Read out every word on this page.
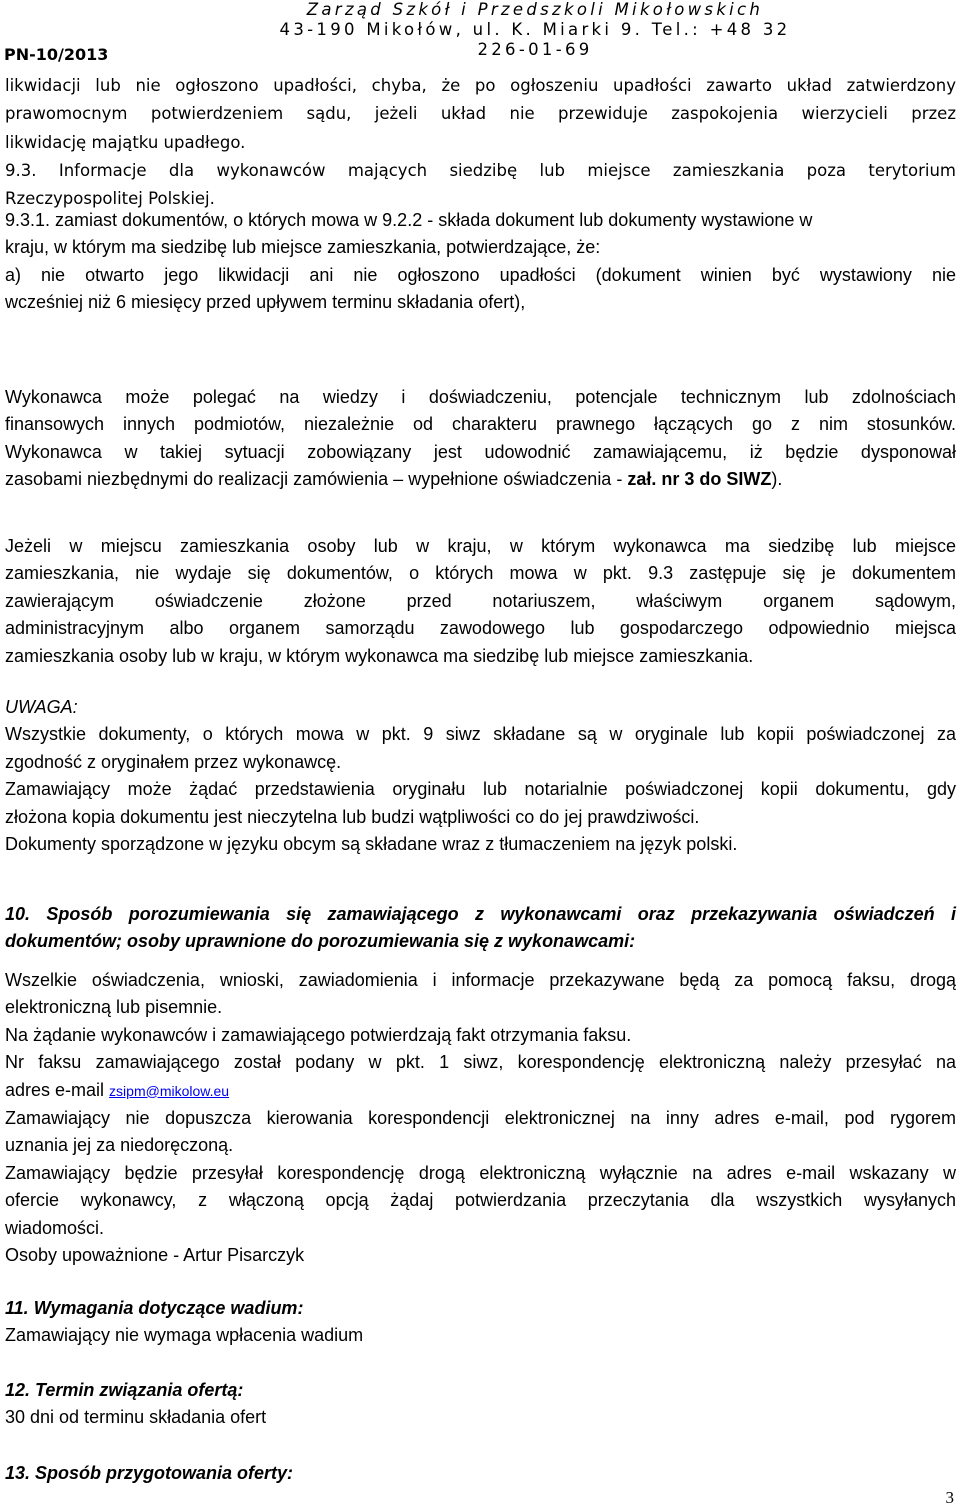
Zarząd Szkół i Przedszkoli Mikołowskich
43-190 Mikołów, ul. K. Miarki 9. Tel.: +48 32 226-01-69
PN-10/2013
likwidacji lub nie ogłoszono upadłości, chyba, że po ogłoszeniu upadłości zawarto układ zatwierdzony
prawomocnym potwierdzeniem sądu, jeżeli układ nie przewiduje zaspokojenia wierzycieli przez
likwidację majątku upadłego.
9.3. Informacje dla wykonawców mających siedzibę lub miejsce zamieszkania poza terytorium
Rzeczypospolitej Polskiej.
9.3.1. zamiast dokumentów, o których mowa w 9.2.2 - składa dokument lub dokumenty wystawione w
kraju, w którym ma siedzibę lub miejsce zamieszkania, potwierdzające, że:
a) nie otwarto jego likwidacji ani nie ogłoszono upadłości (dokument winien być wystawiony nie
wcześniej niż 6 miesięcy przed upływem terminu składania ofert),
Wykonawca może polegać na wiedzy i doświadczeniu, potencjale technicznym lub zdolnościach
finansowych innych podmiotów, niezależnie od charakteru prawnego łączących go z nim stosunków.
Wykonawca w takiej sytuacji zobowiązany jest udowodnić zamawiającemu, iż będzie dysponował
zasobami niezbędnymi do realizacji zamówienia – wypełnione oświadczenia - zał. nr 3 do SIWZ).
Jeżeli w miejscu zamieszkania osoby lub w kraju, w którym wykonawca ma siedzibę lub miejsce
zamieszkania, nie wydaje się dokumentów, o których mowa w pkt. 9.3 zastępuje się je dokumentem
zawierającym oświadczenie złożone przed notariuszem, właściwym organem sądowym,
administracyjnym albo organem samorządu zawodowego lub gospodarczego odpowiednio miejsca
zamieszkania osoby lub w kraju, w którym wykonawca ma siedzibę lub miejsce zamieszkania.
UWAGA:
Wszystkie dokumenty, o których mowa w pkt. 9 siwz składane są w oryginale lub kopii poświadczonej za
zgodność z oryginałem przez wykonawcę.
Zamawiający może żądać przedstawienia oryginału lub notarialnie poświadczonej kopii dokumentu, gdy
złożona kopia dokumentu jest nieczytelna lub budzi wątpliwości co do jej prawdziwości.
Dokumenty sporządzone w języku obcym są składane wraz z tłumaczeniem na język polski.
10. Sposób porozumiewania się zamawiającego z wykonawcami oraz przekazywania oświadczeń i
dokumentów; osoby uprawnione do porozumiewania się z wykonawcami:
Wszelkie oświadczenia, wnioski, zawiadomienia i informacje przekazywane będą za pomocą faksu, drogą
elektroniczną lub pisemnie.
Na żądanie wykonawców i zamawiającego potwierdzają fakt otrzymania faksu.
Nr faksu zamawiającego został podany w pkt. 1 siwz, korespondencję elektroniczną należy przesyłać na
adres e-mail zsipm@mikolow.eu
Zamawiający nie dopuszcza kierowania korespondencji elektronicznej na inny adres e-mail, pod rygorem
uznania jej za niedoręczoną.
Zamawiający będzie przesyłał korespondencję drogą elektroniczną wyłącznie na adres e-mail wskazany w
ofercie wykonawcy, z włączoną opcją żądaj potwierdzania przeczytania dla wszystkich wysyłanych
wiadomości.
Osoby upoważnione - Artur Pisarczyk
11. Wymagania dotyczące wadium:
Zamawiający nie wymaga wpłacenia wadium
12. Termin związania ofertą:
30 dni od terminu składania ofert
13. Sposób przygotowania oferty:
3
